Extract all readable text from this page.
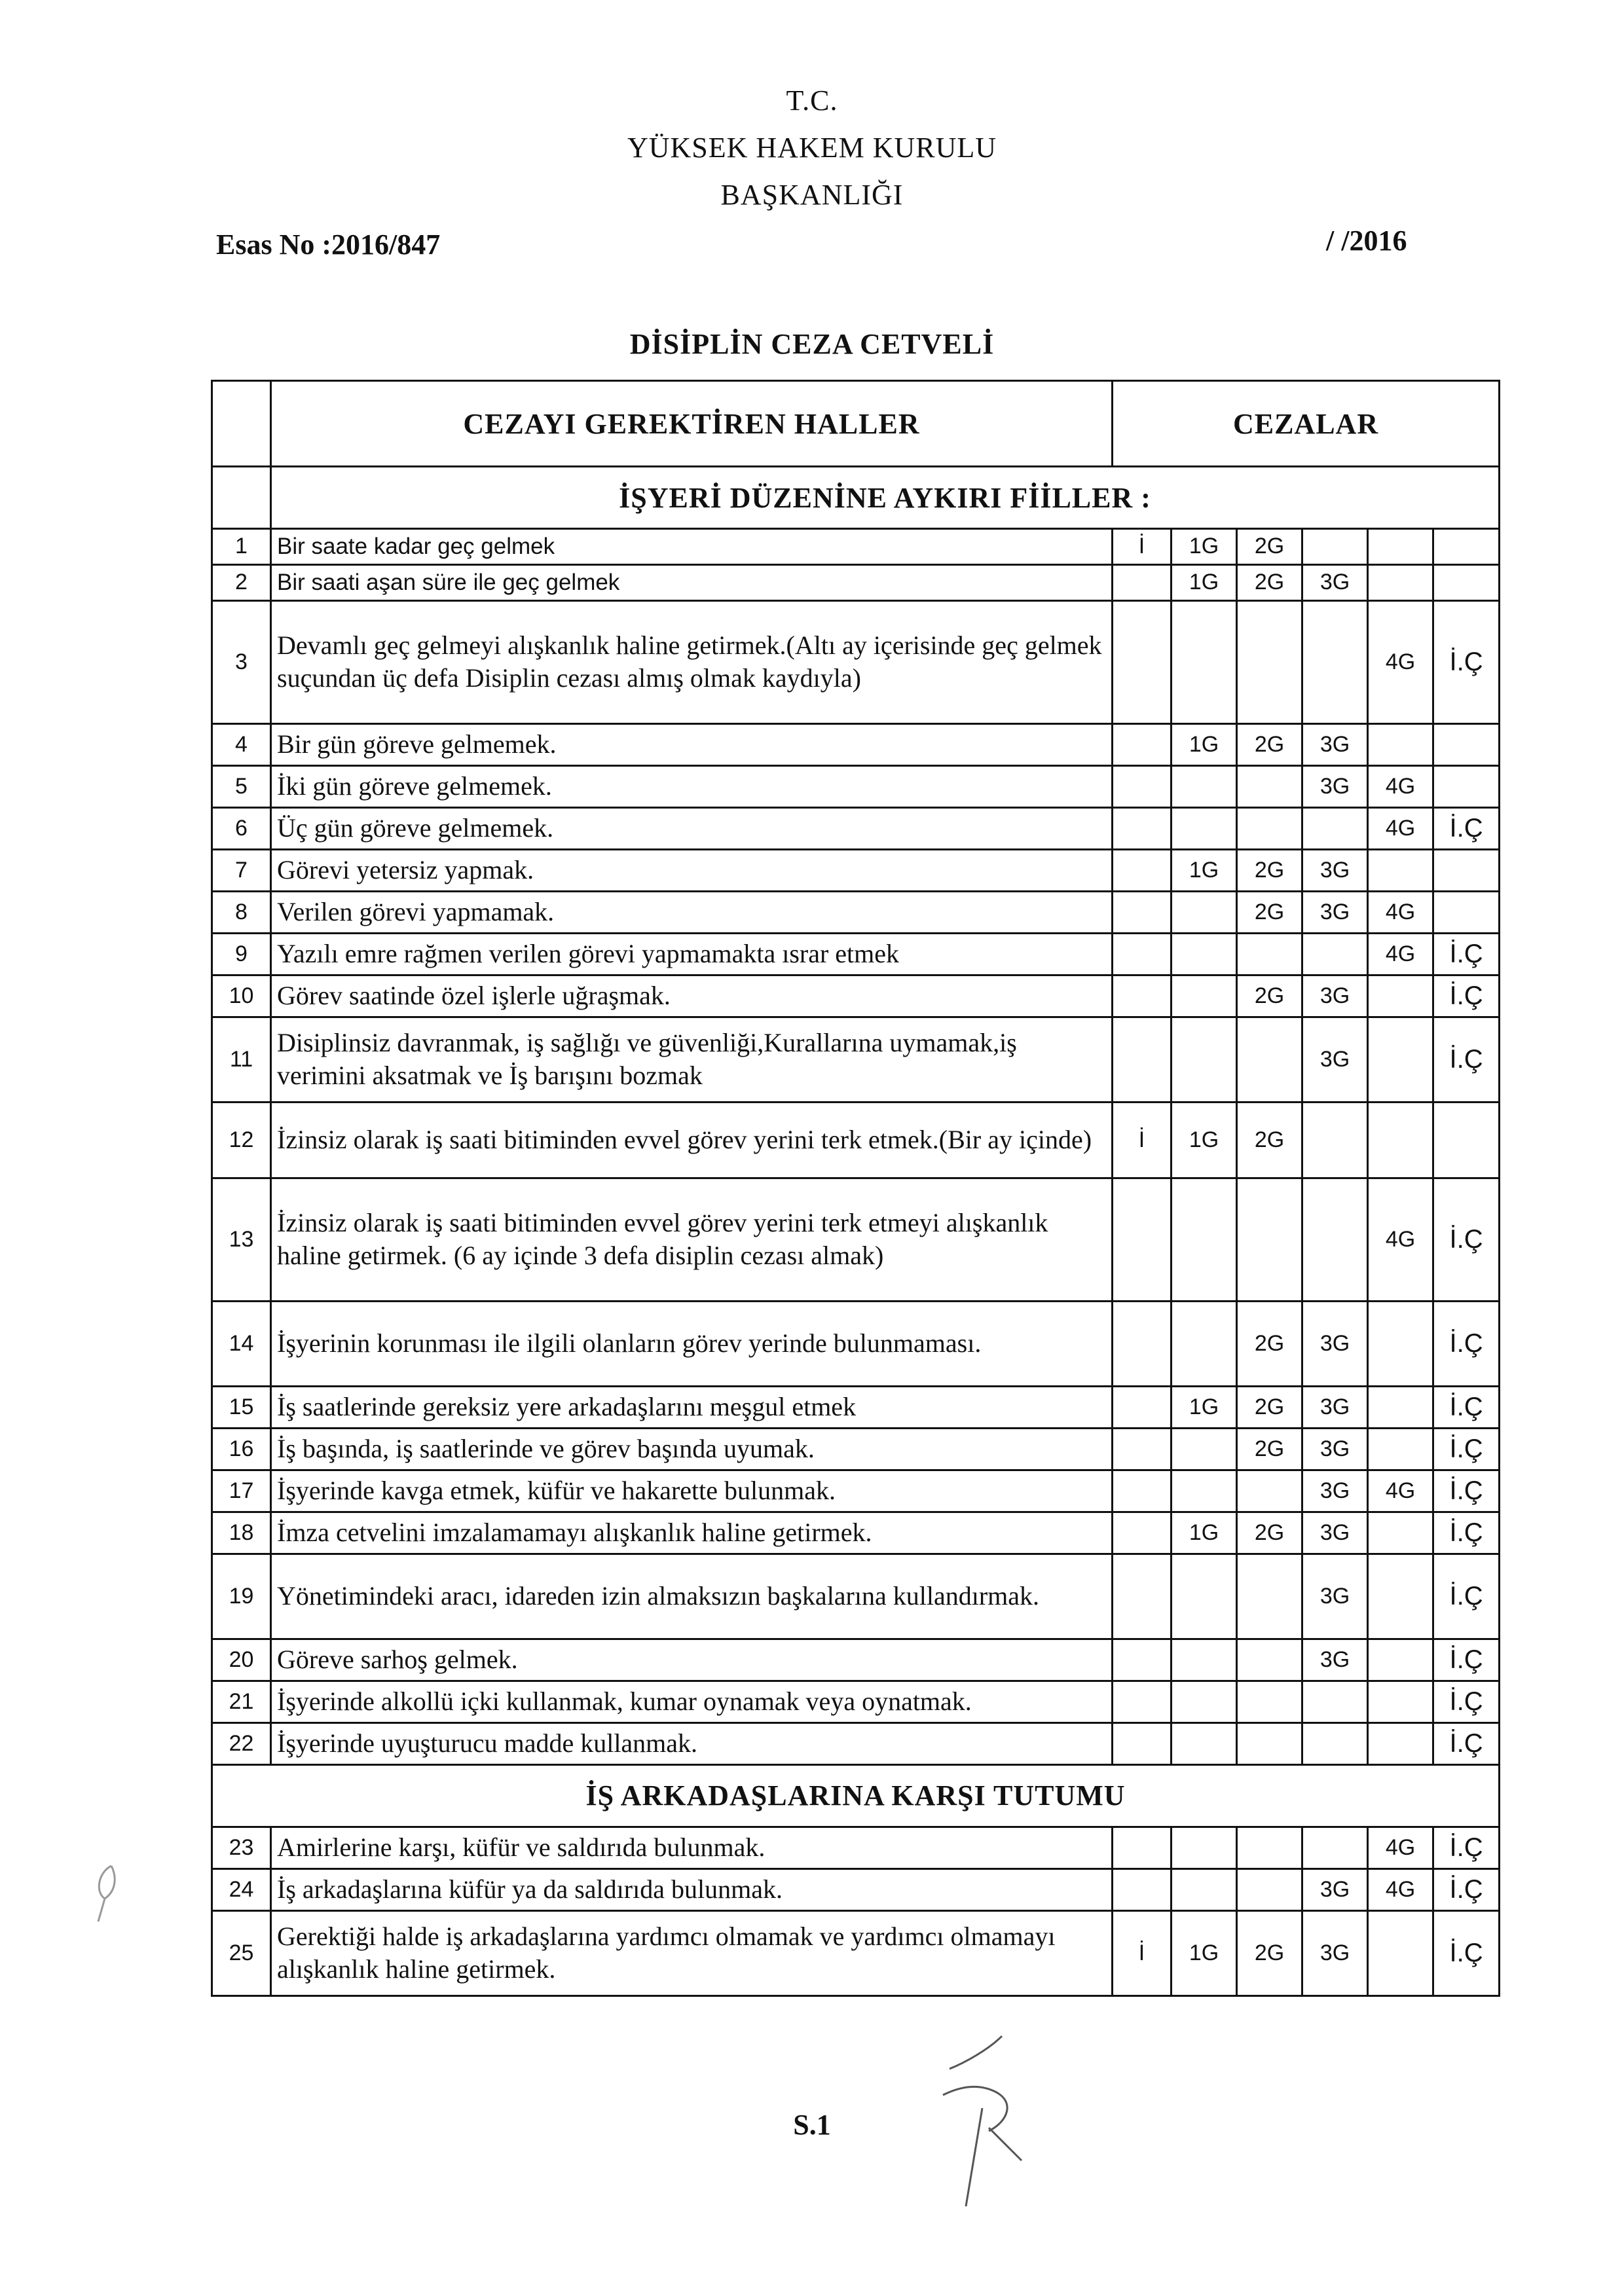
T.C.
YÜKSEK HAKEM KURULU
BAŞKANLIĞI
Esas No :2016/847	/ /2016
DİSİPLİN CEZA CETVELİ
	CEZAYI GEREKTİREN HALLER	CEZALAR					
	İŞYERİ DÜZENİNE AYKIRI FİİLLER :						
1	Bir saate kadar geç gelmek	İ	1G	2G			
2	Bir saati aşan süre ile geç gelmek		1G	2G	3G		
3	Devamlı geç gelmeyi alışkanlık haline getirmek.(Altı ay içerisinde geç gelmek suçundan üç defa Disiplin cezası almış olmak kaydıyla)					4G	İ.Ç
4	Bir gün göreve gelmemek.		1G	2G	3G		
5	İki gün göreve gelmemek.				3G	4G	
6	Üç gün göreve gelmemek.					4G	İ.Ç
7	Görevi yetersiz yapmak.		1G	2G	3G		
8	Verilen görevi yapmamak.			2G	3G	4G	
9	Yazılı emre rağmen verilen görevi yapmamakta ısrar etmek					4G	İ.Ç
10	Görev saatinde özel işlerle uğraşmak.			2G	3G		İ.Ç
11	Disiplinsiz davranmak, iş sağlığı ve güvenliği,Kurallarına uymamak,iş verimini aksatmak ve İş barışını bozmak				3G		İ.Ç
12	İzinsiz olarak iş saati bitiminden evvel görev yerini terk etmek.(Bir ay içinde)	İ	1G	2G			
13	İzinsiz olarak iş saati bitiminden evvel görev yerini terk etmeyi alışkanlık haline getirmek. (6 ay içinde 3 defa disiplin cezası almak)					4G	İ.Ç
14	İşyerinin korunması ile ilgili olanların görev yerinde bulunmaması.			2G	3G		İ.Ç
15	İş saatlerinde gereksiz yere arkadaşlarını meşgul etmek		1G	2G	3G		İ.Ç
16	İş başında, iş saatlerinde ve görev başında uyumak.			2G	3G		İ.Ç
17	İşyerinde kavga etmek, küfür ve hakarette bulunmak.				3G	4G	İ.Ç
18	İmza cetvelini imzalamamayı alışkanlık haline getirmek.		1G	2G	3G		İ.Ç
19	Yönetimindeki aracı, idareden izin almaksızın başkalarına kullandırmak.				3G		İ.Ç
20	Göreve sarhoş gelmek.				3G		İ.Ç
21	İşyerinde alkollü içki kullanmak, kumar oynamak veya oynatmak.						İ.Ç
22	İşyerinde uyuşturucu madde kullanmak.						İ.Ç
İŞ ARKADAŞLARINA KARŞI TUTUMU							
23	Amirlerine karşı, küfür ve saldırıda bulunmak.					4G	İ.Ç
24	İş arkadaşlarına küfür ya da saldırıda bulunmak.				3G	4G	İ.Ç
25	Gerektiği halde iş arkadaşlarına yardımcı olmamak ve yardımcı olmamayı alışkanlık haline getirmek.	İ	1G	2G	3G		İ.Ç
S.1
